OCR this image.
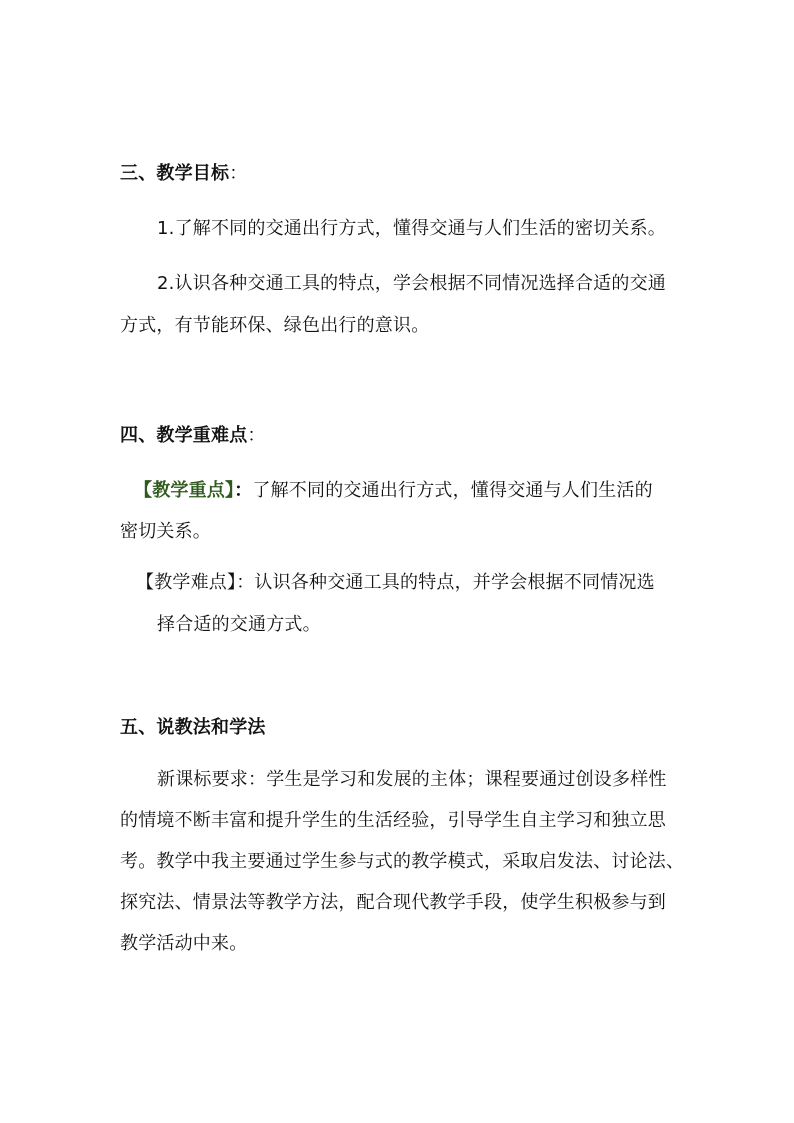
三、教学目标：
1.了解不同的交通出行方式，懂得交通与人们生活的密切关系。
2.认识各种交通工具的特点，学会根据不同情况选择合适的交通
方式，有节能环保、绿色出行的意识。
四、教学重难点：
【教学重点】：了解不同的交通出行方式，懂得交通与人们生活的
密切关系。
【教学难点】：认识各种交通工具的特点，并学会根据不同情况选
择合适的交通方式。
五、说教法和学法
新课标要求：学生是学习和发展的主体；课程要通过创设多样性
的情境不断丰富和提升学生的生活经验，引导学生自主学习和独立思
考。教学中我主要通过学生参与式的教学模式，采取启发法、讨论法、
探究法、情景法等教学方法，配合现代教学手段，使学生积极参与到
教学活动中来。
